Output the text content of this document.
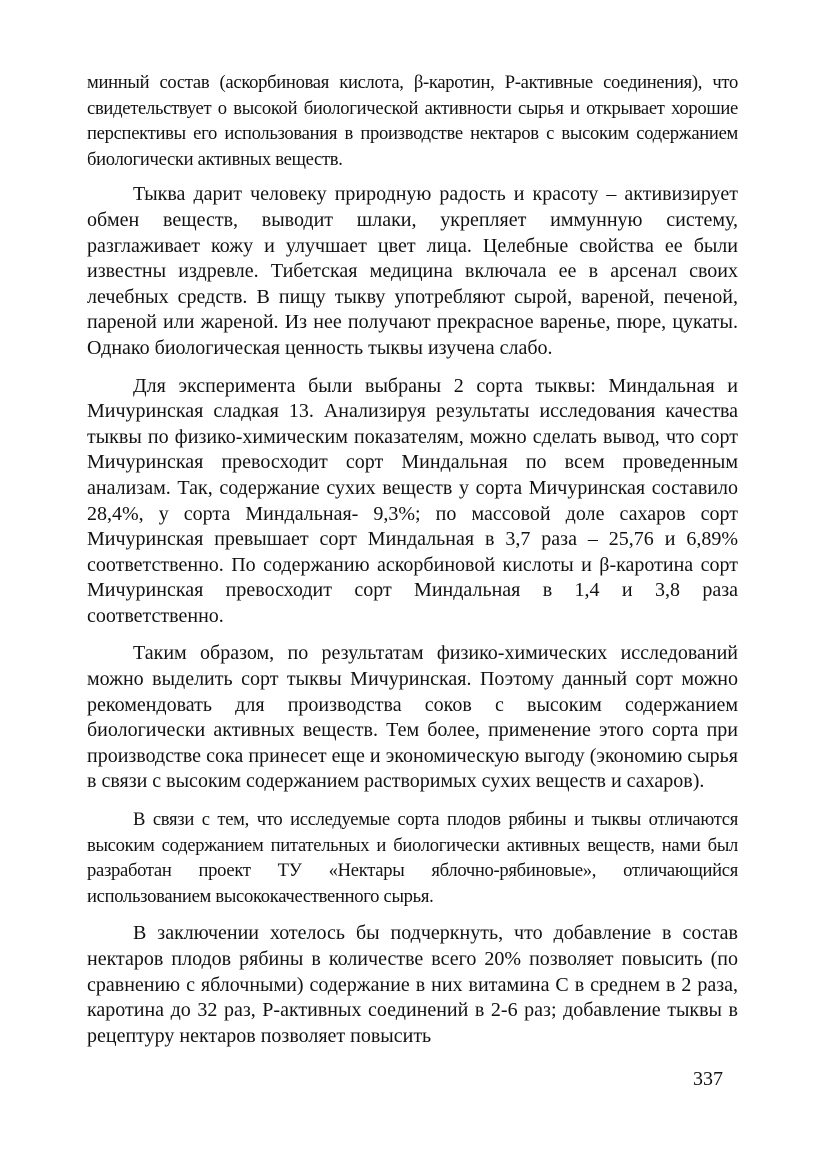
минный состав (аскорбиновая кислота, β-каротин, Р-активные соединения), что свидетельствует о высокой биологической активности сырья и открывает хорошие перспективы его использования в производстве нектаров с высоким содержанием биологически активных веществ.

Тыква дарит человеку природную радость и красоту – активизирует обмен веществ, выводит шлаки, укрепляет иммунную систему, разглаживает кожу и улучшает цвет лица. Целебные свойства ее были известны издревле. Тибетская медицина включала ее в арсенал своих лечебных средств. В пищу тыкву употребляют сырой, вареной, печеной, пареной или жареной. Из нее получают прекрасное варенье, пюре, цукаты. Однако биологическая ценность тыквы изучена слабо.

Для эксперимента были выбраны 2 сорта тыквы: Миндальная и Мичуринская сладкая 13. Анализируя результаты исследования качества тыквы по физико-химическим показателям, можно сделать вывод, что сорт Мичуринская превосходит сорт Миндальная по всем проведенным анализам. Так, содержание сухих веществ у сорта Мичуринская составило 28,4%, у сорта Миндальная- 9,3%; по массовой доле сахаров сорт Мичуринская превышает сорт Миндальная в 3,7 раза – 25,76 и 6,89% соответственно. По содержанию аскорбиновой кислоты и β-каротина сорт Мичуринская превосходит сорт Миндальная в 1,4 и 3,8 раза соответственно.

Таким образом, по результатам физико-химических исследований можно выделить сорт тыквы Мичуринская. Поэтому данный сорт можно рекомендовать для производства соков с высоким содержанием биологически активных веществ. Тем более, применение этого сорта при производстве сока принесет еще и экономическую выгоду (экономию сырья в связи с высоким содержанием растворимых сухих веществ и сахаров).

В связи с тем, что исследуемые сорта плодов рябины и тыквы отличаются высоким содержанием питательных и биологически активных веществ, нами был разработан проект ТУ «Нектары яблочно-рябиновые», отличающийся использованием высококачественного сырья.

В заключении хотелось бы подчеркнуть, что добавление в состав нектаров плодов рябины в количестве всего 20% позволяет повысить (по сравнению с яблочными) содержание в них витамина С в среднем в 2 раза, каротина до 32 раз, Р-активных соединений в 2-6 раз; добавление тыквы в рецептуру нектаров позволяет повысить

337
